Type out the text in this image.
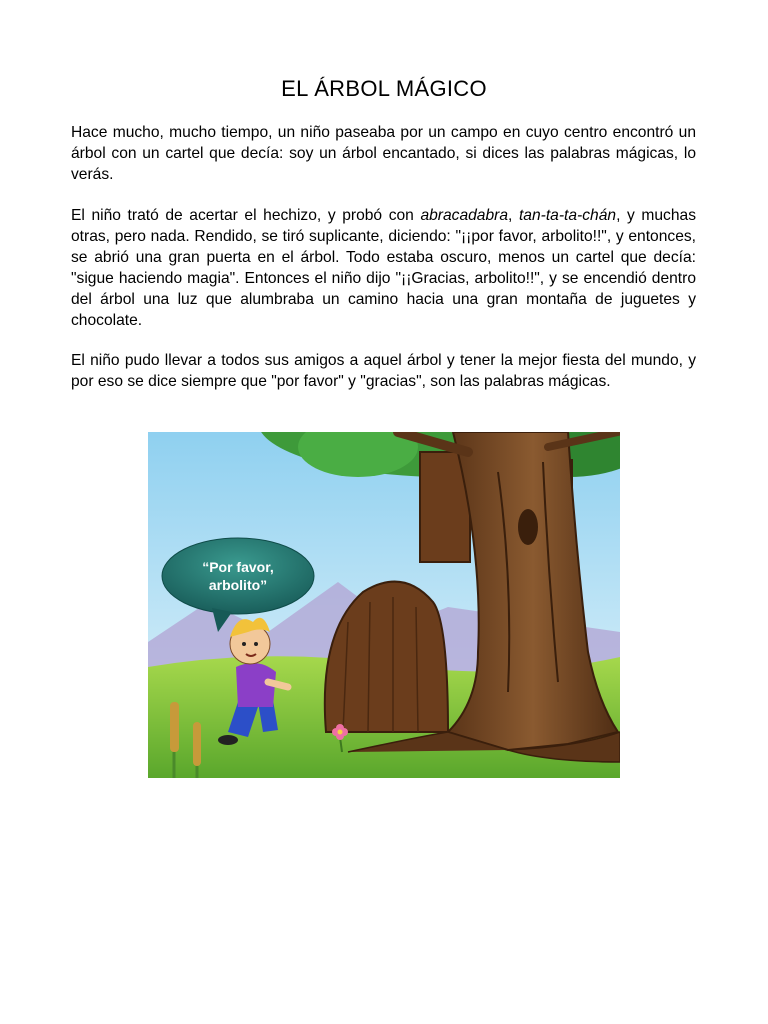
EL ÁRBOL MÁGICO

Hace mucho, mucho tiempo, un niño paseaba por un campo en cuyo centro encontró un árbol con un cartel que decía: soy un árbol encantado, si dices las palabras mágicas, lo verás.

El niño trató de acertar el hechizo, y probó con abracadabra, tan-ta-ta-chán, y muchas otras, pero nada. Rendido, se tiró suplicante, diciendo: "¡¡por favor, arbolito!!", y entonces, se abrió una gran puerta en el árbol. Todo estaba oscuro, menos un cartel que decía: "sigue haciendo magia". Entonces el niño dijo "¡¡Gracias, arbolito!!", y se encendió dentro del árbol una luz que alumbraba un camino hacia una gran montaña de juguetes y chocolate.

El niño pudo llevar a todos sus amigos a aquel árbol y tener la mejor fiesta del mundo, y por eso se dice siempre que "por favor" y "gracias", son las palabras mágicas.

“Por favor,
arbolito”
